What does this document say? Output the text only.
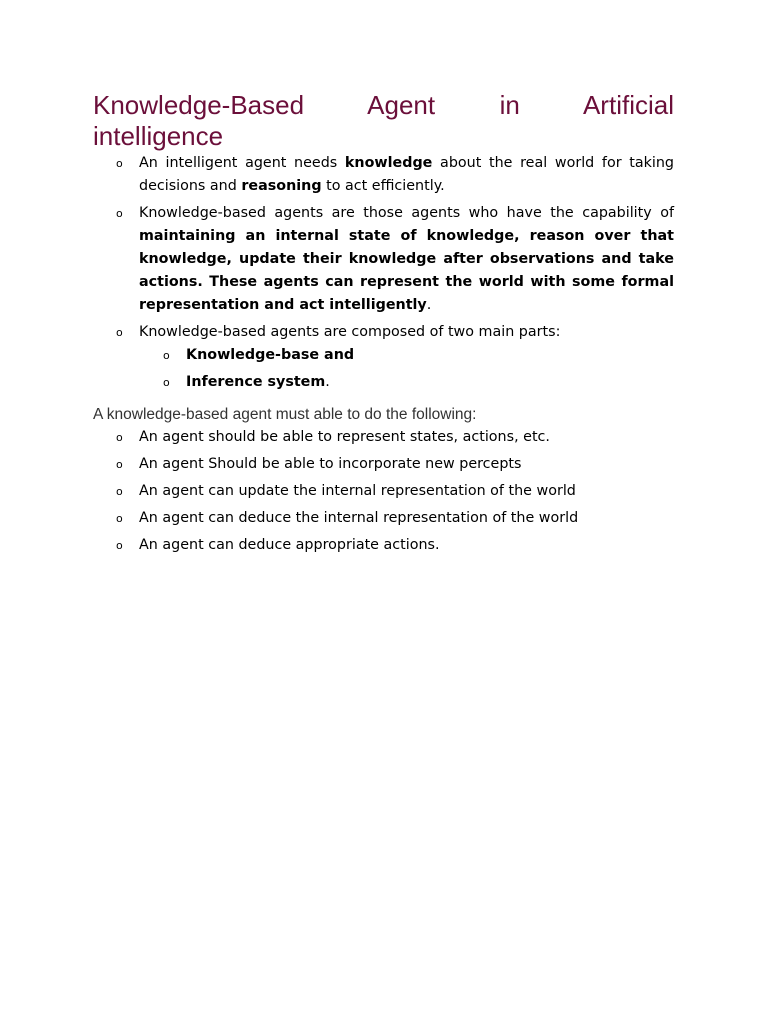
Knowledge-Based Agent in Artificial
intelligence
o An intelligent agent needs knowledge about the real world for taking decisions and reasoning to act efficiently.
o Knowledge-based agents are those agents who have the capability of maintaining an internal state of knowledge, reason over that knowledge, update their knowledge after observations and take actions. These agents can represent the world with some formal representation and act intelligently.
o Knowledge-based agents are composed of two main parts:
o Knowledge-base and
o Inference system.
A knowledge-based agent must able to do the following:
o An agent should be able to represent states, actions, etc.
o An agent Should be able to incorporate new percepts
o An agent can update the internal representation of the world
o An agent can deduce the internal representation of the world
o An agent can deduce appropriate actions.
